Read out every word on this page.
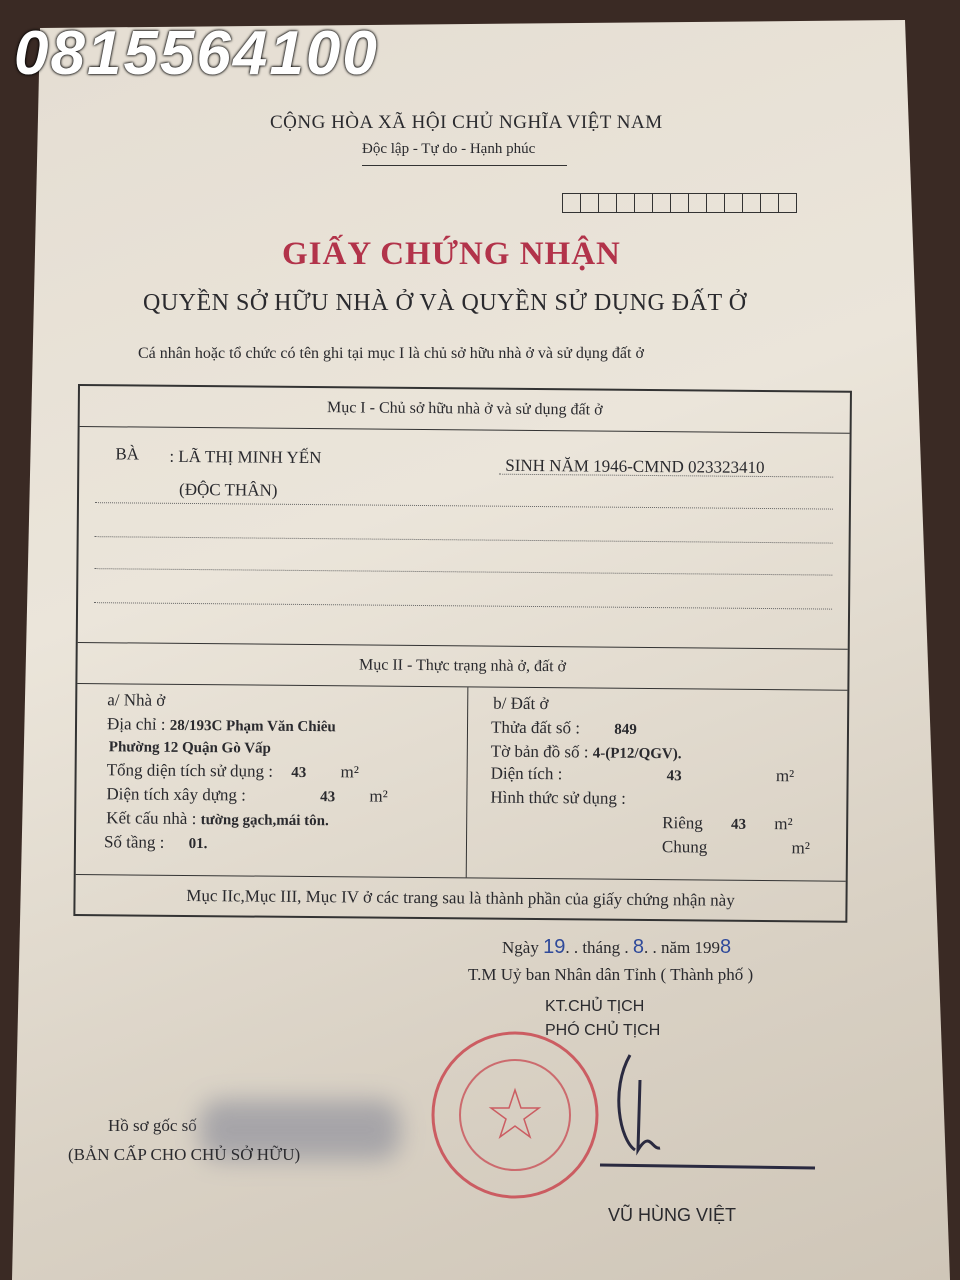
0815564100
CỘNG HÒA XÃ HỘI CHỦ NGHĨA VIỆT NAM
Độc lập - Tự do - Hạnh phúc
GIẤY CHỨNG NHẬN
QUYỀN SỞ HỮU NHÀ Ở VÀ QUYỀN SỬ DỤNG ĐẤT Ở
Cá nhân hoặc tổ chức có tên ghi tại mục I là chủ sở hữu nhà ở và sử dụng đất ở
Mục I - Chủ sở hữu nhà ở và sử dụng đất ở
BÀ : LÃ THỊ MINH YẾN	SINH NĂM 1946-CMND 023323410
(ĐỘC THÂN)
Mục II - Thực trạng nhà ở, đất ở
a/ Nhà ở
Địa chỉ : 28/193C Phạm Văn Chiêu
Phường 12 Quận Gò Vấp
Tổng diện tích sử dụng : 43 m²
Diện tích xây dựng :	43 m²
Kết cấu nhà : tường gạch,mái tôn.
Số tầng : 01.
b/ Đất ở
Thửa đất số : 849
Tờ bản đồ số : 4-(P12/QGV).
Diện tích :	43	m²
Hình thức sử dụng :
Riêng 43 m²
Chung	m²
Mục IIc,Mục III, Mục IV ở các trang sau là thành phần của giấy chứng nhận này
Ngày 19. . tháng . 8. . năm 1998
T.M Uỷ ban Nhân dân Tỉnh ( Thành phố )
KT.CHỦ TỊCH
PHÓ CHỦ TỊCH
VŨ HÙNG VIỆT
Hồ sơ gốc số
(BẢN CẤP CHO CHỦ SỞ HỮU)
